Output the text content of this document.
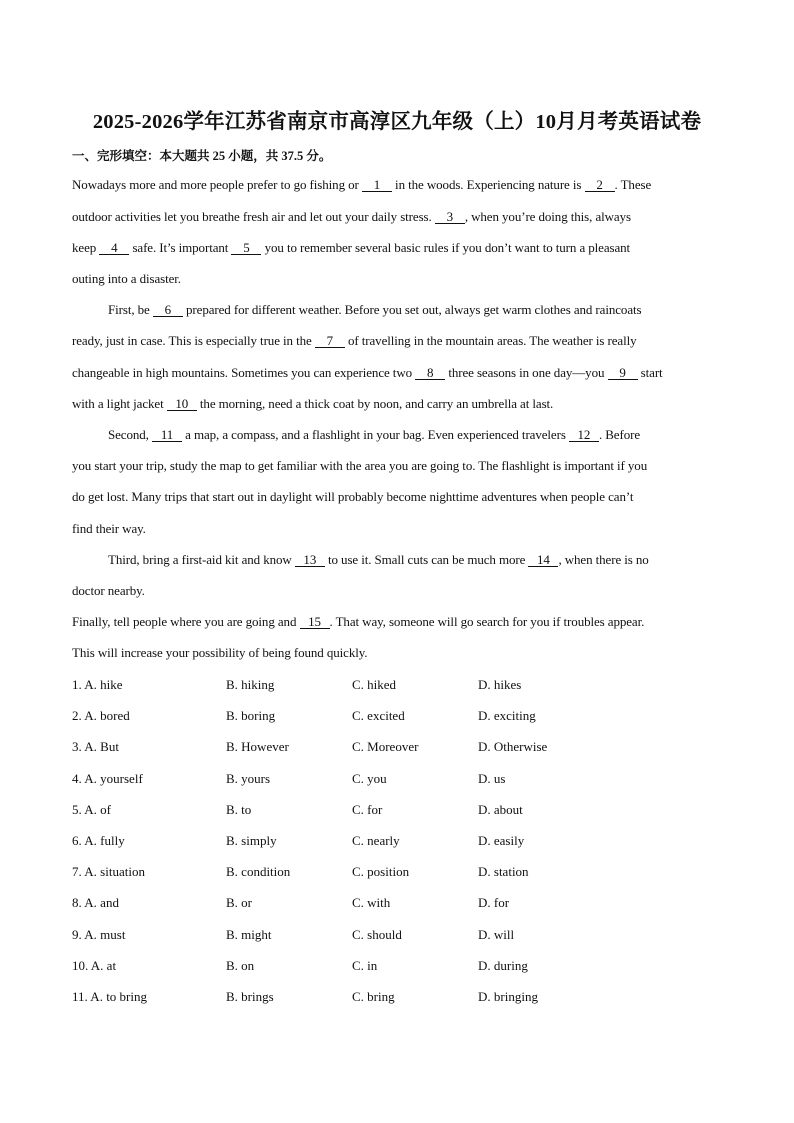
2025-2026学年江苏省南京市高淳区九年级（上）10月月考英语试卷
一、完形填空：本大题共 25 小题，共 37.5 分。
Nowadays more and more people prefer to go fishing or 1 in the woods. Experiencing nature is 2 . These
outdoor activities let you breathe fresh air and let out your daily stress. 3 , when you’re doing this, always
keep 4 safe. It’s important 5 you to remember several basic rules if you don’t want to turn a pleasant
outing into a disaster.
First, be 6 prepared for different weather. Before you set out, always get warm clothes and raincoats
ready, just in case. This is especially true in the 7 of travelling in the mountain areas. The weather is really
changeable in high mountains. Sometimes you can experience two 8 three seasons in one day—you 9 start
with a light jacket 10 the morning, need a thick coat by noon, and carry an umbrella at last.
Second, 11 a map, a compass, and a flashlight in your bag. Even experienced travelers 12 . Before
you start your trip, study the map to get familiar with the area you are going to. The flashlight is important if you
do get lost. Many trips that start out in daylight will probably become nighttime adventures when people can’t
find their way.
Third, bring a first-aid kit and know 13 to use it. Small cuts can be much more 14 , when there is no
doctor nearby.
Finally, tell people where you are going and 15 . That way, someone will go search for you if troubles appear.
This will increase your possibility of being found quickly.
1. A. hike	B. hiking	C. hiked	D. hikes
2. A. bored	B. boring	C. excited	D. exciting
3. A. But	B. However	C. Moreover	D. Otherwise
4. A. yourself	B. yours	C. you	D. us
5. A. of	B. to	C. for	D. about
6. A. fully	B. simply	C. nearly	D. easily
7. A. situation	B. condition	C. position	D. station
8. A. and	B. or	C. with	D. for
9. A. must	B. might	C. should	D. will
10. A. at	B. on	C. in	D. during
11. A. to bring	B. brings	C. bring	D. bringing
